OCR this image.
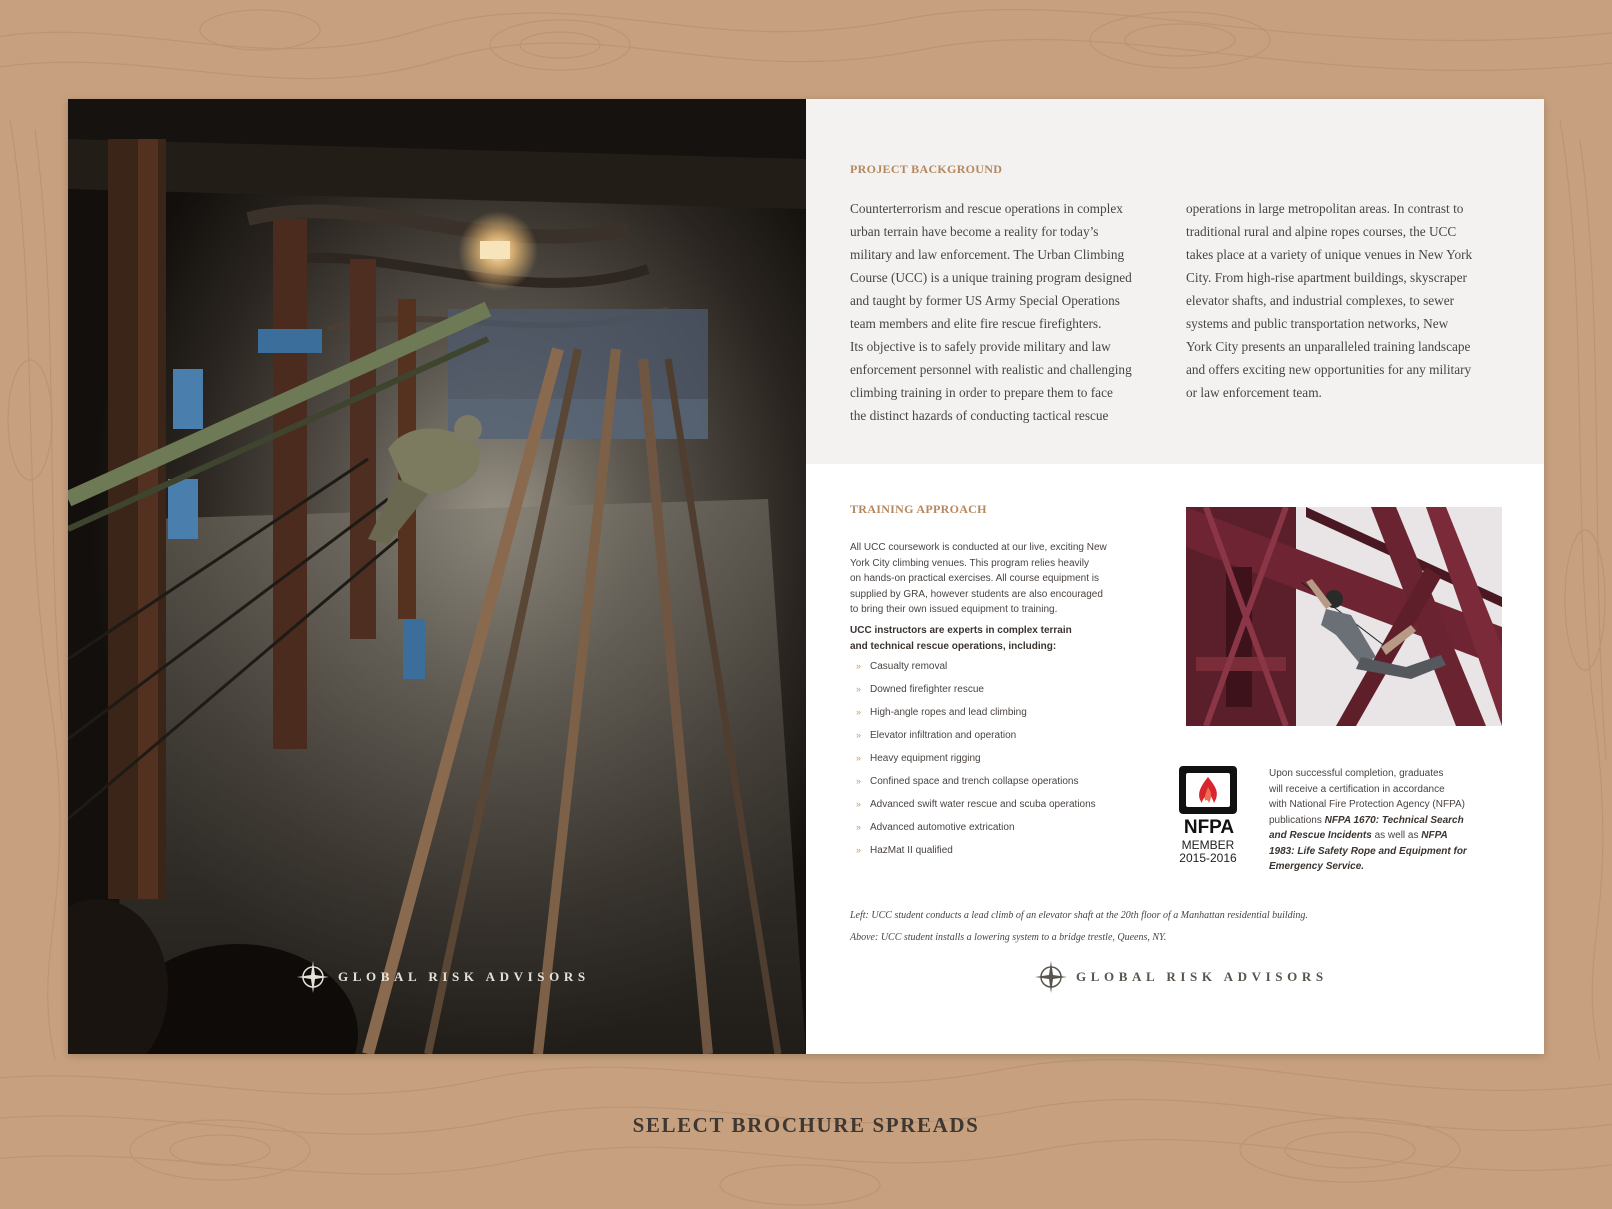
GLOBAL RISK ADVISORS
PROJECT BACKGROUND

Counterterrorism and rescue operations in complex
urban terrain have become a reality for today’s
military and law enforcement. The Urban Climbing
Course (UCC) is a unique training program designed
and taught by former US Army Special Operations
team members and elite fire rescue firefighters.
Its objective is to safely provide military and law
enforcement personnel with realistic and challenging
climbing training in order to prepare them to face
the distinct hazards of conducting tactical rescue

operations in large metropolitan areas. In contrast to
traditional rural and alpine ropes courses, the UCC
takes place at a variety of unique venues in New York
City. From high-rise apartment buildings, skyscraper
elevator shafts, and industrial complexes, to sewer
systems and public transportation networks, New
York City presents an unparalleled training landscape
and offers exciting new opportunities for any military
or law enforcement team.

TRAINING APPROACH

All UCC coursework is conducted at our live, exciting New
York City climbing venues. This program relies heavily
on hands-on practical exercises. All course equipment is
supplied by GRA, however students are also encouraged
to bring their own issued equipment to training.

UCC instructors are experts in complex terrain
and technical rescue operations, including:

» Casualty removal
» Downed firefighter rescue
» High-angle ropes and lead climbing
» Elevator infiltration and operation
» Heavy equipment rigging
» Confined space and trench collapse operations
» Advanced swift water rescue and scuba operations
» Advanced automotive extrication
» HazMat II qualified
NFPA
MEMBER
2015-2016

Upon successful completion, graduates
will receive a certification in accordance
with National Fire Protection Agency (NFPA)
publications NFPA 1670: Technical Search
and Rescue Incidents as well as NFPA
1983: Life Safety Rope and Equipment for
Emergency Service.

Left: UCC student conducts a lead climb of an elevator shaft at the 20th floor of a Manhattan residential building.

Above: UCC student installs a lowering system to a bridge trestle, Queens, NY.

GLOBAL RISK ADVISORS
SELECT BROCHURE SPREADS
